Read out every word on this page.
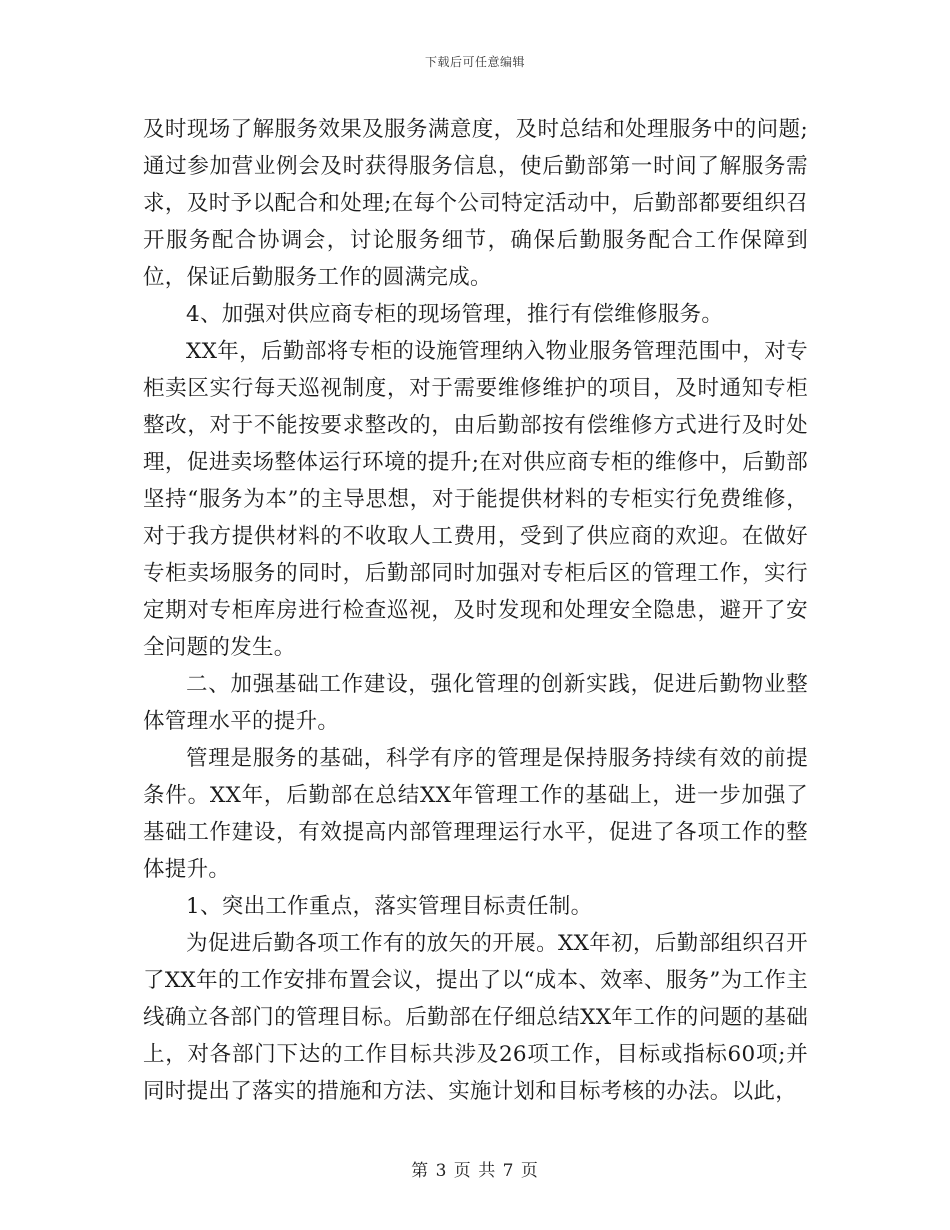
下载后可任意编辑

及时现场了解服务效果及服务满意度，及时总结和处理服务中的问题;通过参加营业例会及时获得服务信息，使后勤部第一时间了解服务需求，及时予以配合和处理;在每个公司特定活动中，后勤部都要组织召开服务配合协调会，讨论服务细节，确保后勤服务配合工作保障到位，保证后勤服务工作的圆满完成。

4、加强对供应商专柜的现场管理，推行有偿维修服务。

XX年，后勤部将专柜的设施管理纳入物业服务管理范围中，对专柜卖区实行每天巡视制度，对于需要维修维护的项目，及时通知专柜整改，对于不能按要求整改的，由后勤部按有偿维修方式进行及时处理，促进卖场整体运行环境的提升;在对供应商专柜的维修中，后勤部坚持“服务为本”的主导思想，对于能提供材料的专柜实行免费维修，对于我方提供材料的不收取人工费用，受到了供应商的欢迎。在做好专柜卖场服务的同时，后勤部同时加强对专柜后区的管理工作，实行定期对专柜库房进行检查巡视，及时发现和处理安全隐患，避开了安全问题的发生。

二、加强基础工作建设，强化管理的创新实践，促进后勤物业整体管理水平的提升。

管理是服务的基础，科学有序的管理是保持服务持续有效的前提条件。XX年，后勤部在总结XX年管理工作的基础上，进一步加强了基础工作建设，有效提高内部管理理运行水平，促进了各项工作的整体提升。

1、突出工作重点，落实管理目标责任制。

为促进后勤各项工作有的放矢的开展。XX年初，后勤部组织召开了XX年的工作安排布置会议，提出了以“成本、效率、服务”为工作主线确立各部门的管理目标。后勤部在仔细总结XX年工作的问题的基础上，对各部门下达的工作目标共涉及26项工作，目标或指标60项;并同时提出了落实的措施和方法、实施计划和目标考核的办法。以此，

第 3 页 共 7 页
